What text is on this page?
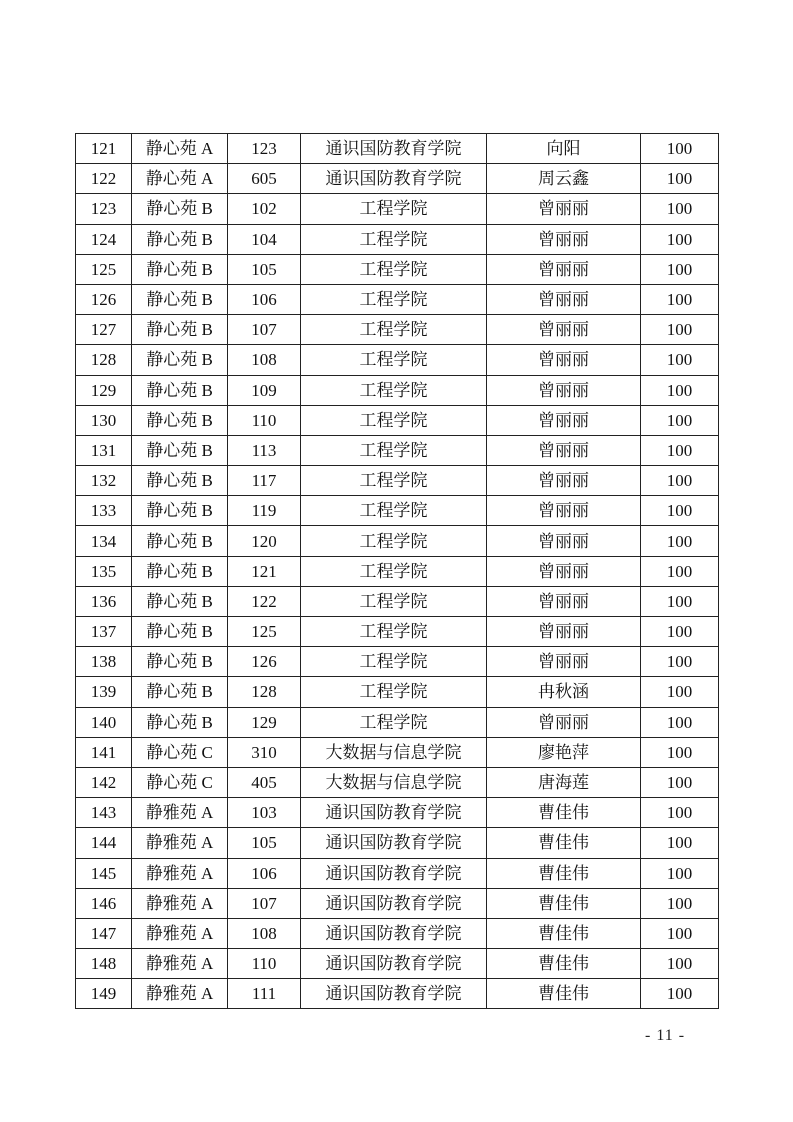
121	静心苑 A	123	通识国防教育学院	向阳	100
122	静心苑 A	605	通识国防教育学院	周云鑫	100
123	静心苑 B	102	工程学院	曾丽丽	100
124	静心苑 B	104	工程学院	曾丽丽	100
125	静心苑 B	105	工程学院	曾丽丽	100
126	静心苑 B	106	工程学院	曾丽丽	100
127	静心苑 B	107	工程学院	曾丽丽	100
128	静心苑 B	108	工程学院	曾丽丽	100
129	静心苑 B	109	工程学院	曾丽丽	100
130	静心苑 B	110	工程学院	曾丽丽	100
131	静心苑 B	113	工程学院	曾丽丽	100
132	静心苑 B	117	工程学院	曾丽丽	100
133	静心苑 B	119	工程学院	曾丽丽	100
134	静心苑 B	120	工程学院	曾丽丽	100
135	静心苑 B	121	工程学院	曾丽丽	100
136	静心苑 B	122	工程学院	曾丽丽	100
137	静心苑 B	125	工程学院	曾丽丽	100
138	静心苑 B	126	工程学院	曾丽丽	100
139	静心苑 B	128	工程学院	冉秋涵	100
140	静心苑 B	129	工程学院	曾丽丽	100
141	静心苑 C	310	大数据与信息学院	廖艳萍	100
142	静心苑 C	405	大数据与信息学院	唐海莲	100
143	静雅苑 A	103	通识国防教育学院	曹佳伟	100
144	静雅苑 A	105	通识国防教育学院	曹佳伟	100
145	静雅苑 A	106	通识国防教育学院	曹佳伟	100
146	静雅苑 A	107	通识国防教育学院	曹佳伟	100
147	静雅苑 A	108	通识国防教育学院	曹佳伟	100
148	静雅苑 A	110	通识国防教育学院	曹佳伟	100
149	静雅苑 A	111	通识国防教育学院	曹佳伟	100
- 11 -
